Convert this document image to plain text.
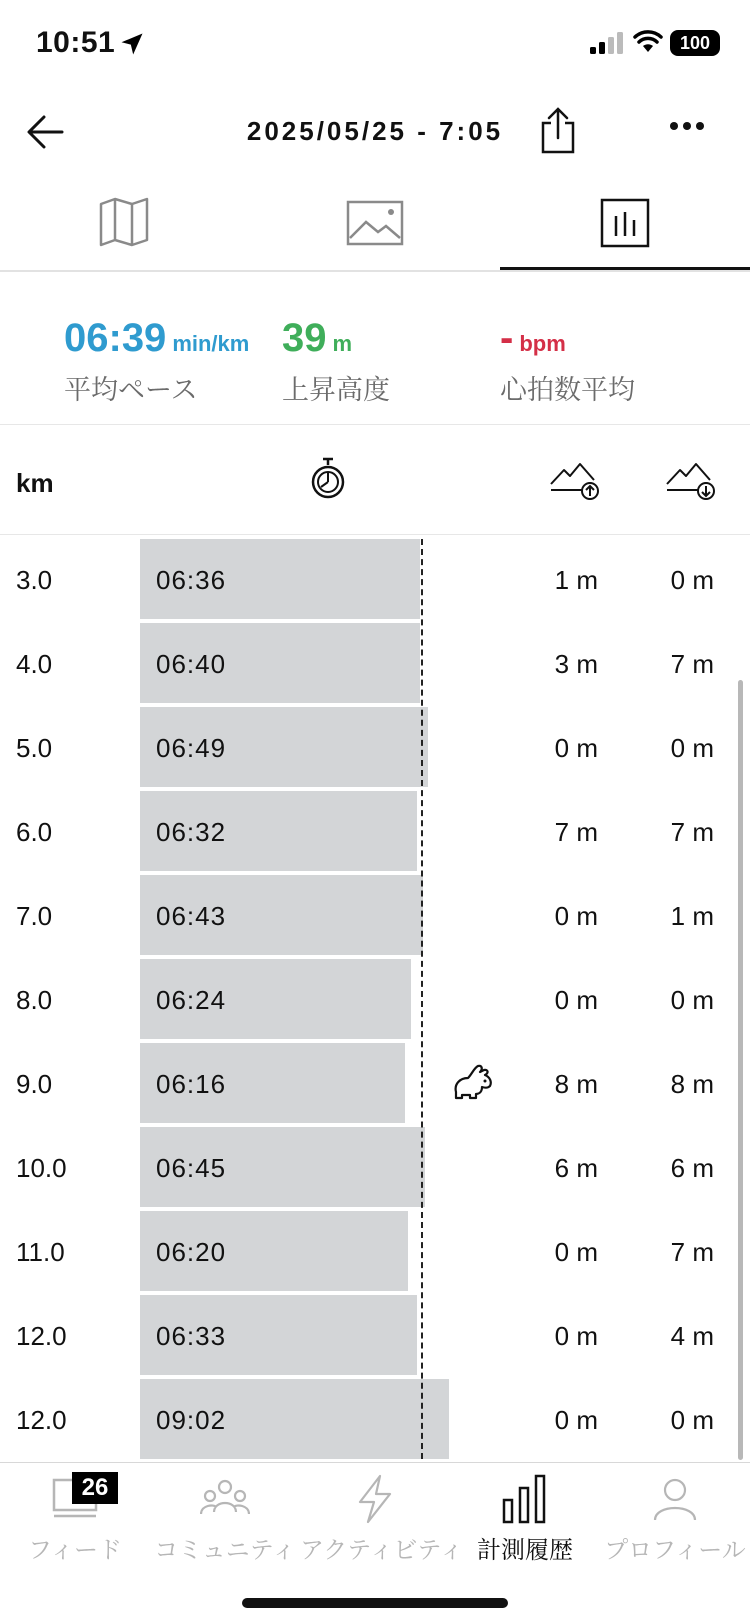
10:51	100
2025/05/25 - 7:05
06:39 min/km
平均ペース
39 m
上昇高度
- bpm
心拍数平均
km
3.0	06:36	1 m	0 m
4.0	06:40	3 m	7 m
5.0	06:49	0 m	0 m
6.0	06:32	7 m	7 m
7.0	06:43	0 m	1 m
8.0	06:24	0 m	0 m
9.0	06:16	8 m	8 m
10.0	06:45	6 m	6 m
11.0	06:20	0 m	7 m
12.0	06:33	0 m	4 m
12.0	09:02	0 m	0 m
フィード
26
コミュニティ アクティビティ 計測履歴	プロフィール
